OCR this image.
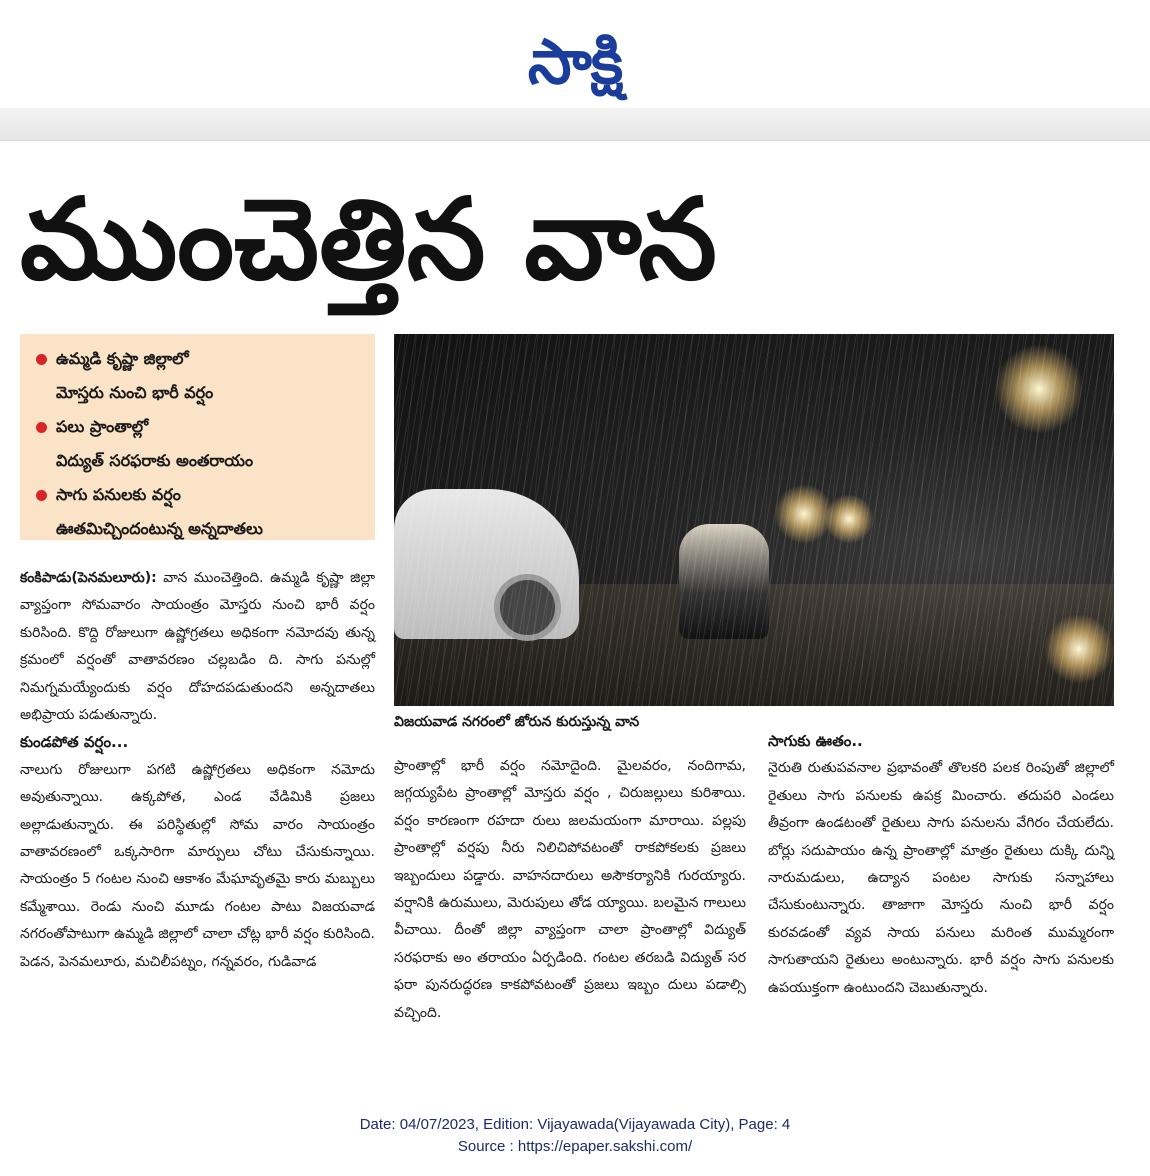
సాక్షి
ముంచెత్తిన వాన
ఉమ్మడి కృష్ణా జిల్లాలో
మోస్తరు నుంచి భారీ వర్షం
పలు ప్రాంతాల్లో
విద్యుత్‌ సరఫరాకు అంతరాయం
సాగు పనులకు వర్షం
ఊతమిచ్చిందంటున్న అన్నదాతలు
విజయవాడ నగరంలో జోరున కురుస్తున్న వాన

కంకిపాడు(పెనమలూరు): వాన ముంచెత్తింది. ఉమ్మడి కృష్ణా జిల్లా వ్యాప్తంగా సోమవారం సాయంత్రం మోస్తరు నుంచి భారీ వర్షం కురిసింది. కొద్ది రోజులుగా ఉష్ణోగ్రతలు అధికంగా నమోదవు తున్న క్రమంలో వర్షంతో వాతావరణం చల్లబడిం ది. సాగు పనుల్లో నిమగ్నమయ్యేందుకు వర్షం దోహదపడుతుందని అన్నదాతలు అభిప్రాయ పడుతున్నారు.

కుండపోత వర్షం...

నాలుగు రోజులుగా పగటి ఉష్ణోగ్రతలు అధికంగా నమోదు అవుతున్నాయి. ఉక్కపోత, ఎండ వేడిమికి ప్రజలు అల్లాడుతున్నారు. ఈ పరిస్థితుల్లో సోమ వారం సాయంత్రం వాతావరణంలో ఒక్కసారిగా మార్పులు చోటు చేసుకున్నాయి. సాయంత్రం 5 గంటల నుంచి ఆకాశం మేఘావృతమై కారు మబ్బులు కమ్మేశాయి. రెండు నుంచి మూడు గంటల పాటు విజయవాడ నగరంతోపాటుగా ఉమ్మడి జిల్లాలో చాలా చోట్ల భారీ వర్షం కురిసింది. పెడన, పెనమలూరు, మచిలీపట్నం, గన్నవరం, గుడివాడ

ప్రాంతాల్లో భారీ వర్షం నమోదైంది. మైలవరం, నందిగామ, జగ్గయ్యపేట ప్రాంతాల్లో మోస్తరు వర్షం , చిరుజల్లులు కురిశాయి. వర్షం కారణంగా రహదా రులు జలమయంగా మారాయి. పల్లపు ప్రాంతాల్లో వర్షపు నీరు నిలిచిపోవటంతో రాకపోకలకు ప్రజలు ఇబ్బందులు పడ్డారు. వాహనదారులు అసౌకర్యానికి గురయ్యారు. వర్షానికి ఉరుములు, మెరుపులు తోడ య్యాయి. బలమైన గాలులు వీచాయి. దీంతో జిల్లా వ్యాప్తంగా చాలా ప్రాంతాల్లో విద్యుత్‌ సరఫరాకు అం తరాయం ఏర్పడింది. గంటల తరబడి విద్యుత్‌ సర ఫరా పునరుద్ధరణ కాకపోవటంతో ప్రజలు ఇబ్బం దులు పడాల్సి వచ్చింది.

సాగుకు ఊతం..

నైరుతి రుతుపవనాల ప్రభావంతో తొలకరి పలక రింపుతో జిల్లాలో రైతులు సాగు పనులకు ఉపక్ర మించారు. తదుపరి ఎండలు తీవ్రంగా ఉండటంతో రైతులు సాగు పనులను వేగిరం చేయలేదు. బోర్లు సదుపాయం ఉన్న ప్రాంతాల్లో మాత్రం రైతులు దుక్కి దున్ని నారుమడులు, ఉద్యాన పంటల సాగుకు సన్నాహాలు చేసుకుంటున్నారు. తాజాగా మోస్తరు నుంచి భారీ వర్షం కురవడంతో వ్యవ సాయ పనులు మరింత ముమ్మరంగా సాగుతాయని రైతులు అంటున్నారు. భారీ వర్షం సాగు పనులకు ఉపయుక్తంగా ఉంటుందని చెబుతున్నారు.

Date: 04/07/2023, Edition: Vijayawada(Vijayawada City), Page: 4
Source : https://epaper.sakshi.com/
